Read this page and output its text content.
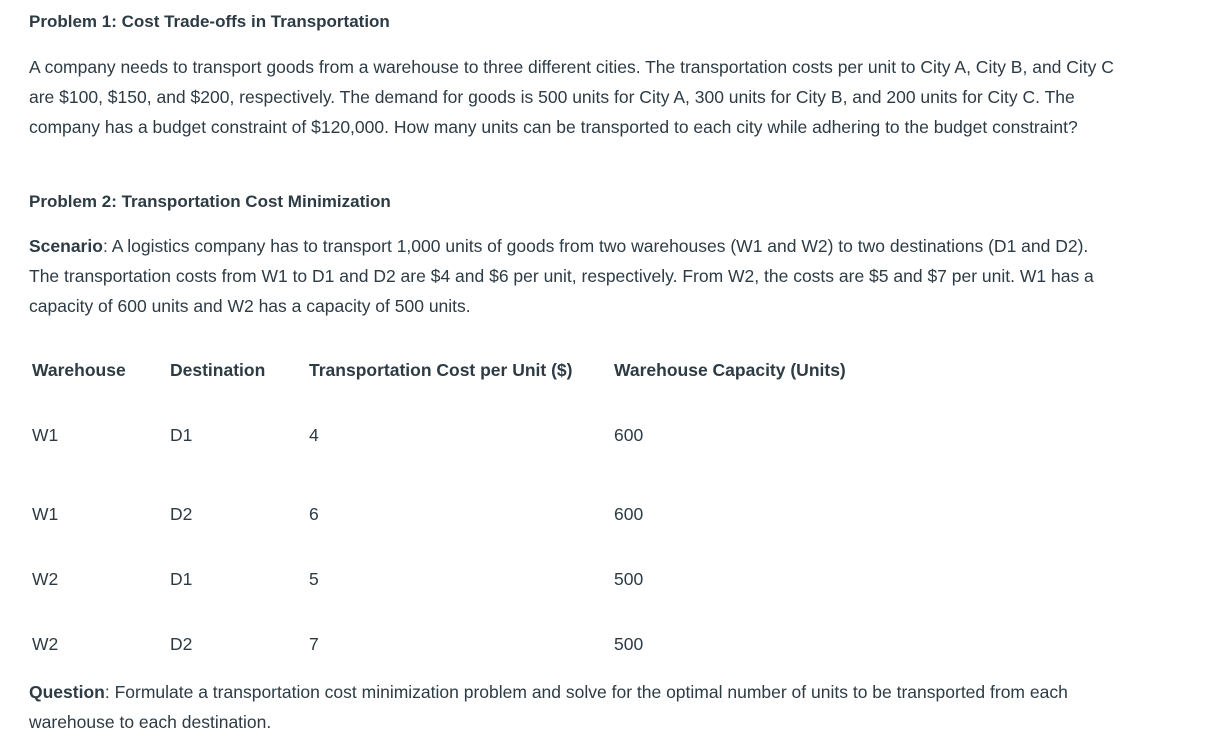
Problem 1: Cost Trade-offs in Transportation

A company needs to transport goods from a warehouse to three different cities. The transportation costs per unit to City A, City B, and City C are $100, $150, and $200, respectively. The demand for goods is 500 units for City A, 300 units for City B, and 200 units for City C. The company has a budget constraint of $120,000. How many units can be transported to each city while adhering to the budget constraint?

Problem 2: Transportation Cost Minimization

Scenario: A logistics company has to transport 1,000 units of goods from two warehouses (W1 and W2) to two destinations (D1 and D2). The transportation costs from W1 to D1 and D2 are $4 and $6 per unit, respectively. From W2, the costs are $5 and $7 per unit. W1 has a capacity of 600 units and W2 has a capacity of 500 units.

Warehouse	Destination	Transportation Cost per Unit ($)	Warehouse Capacity (Units)
W1	D1	4	600
W1	D2	6	600
W2	D1	5	500
W2	D2	7	500

Question: Formulate a transportation cost minimization problem and solve for the optimal number of units to be transported from each warehouse to each destination.
